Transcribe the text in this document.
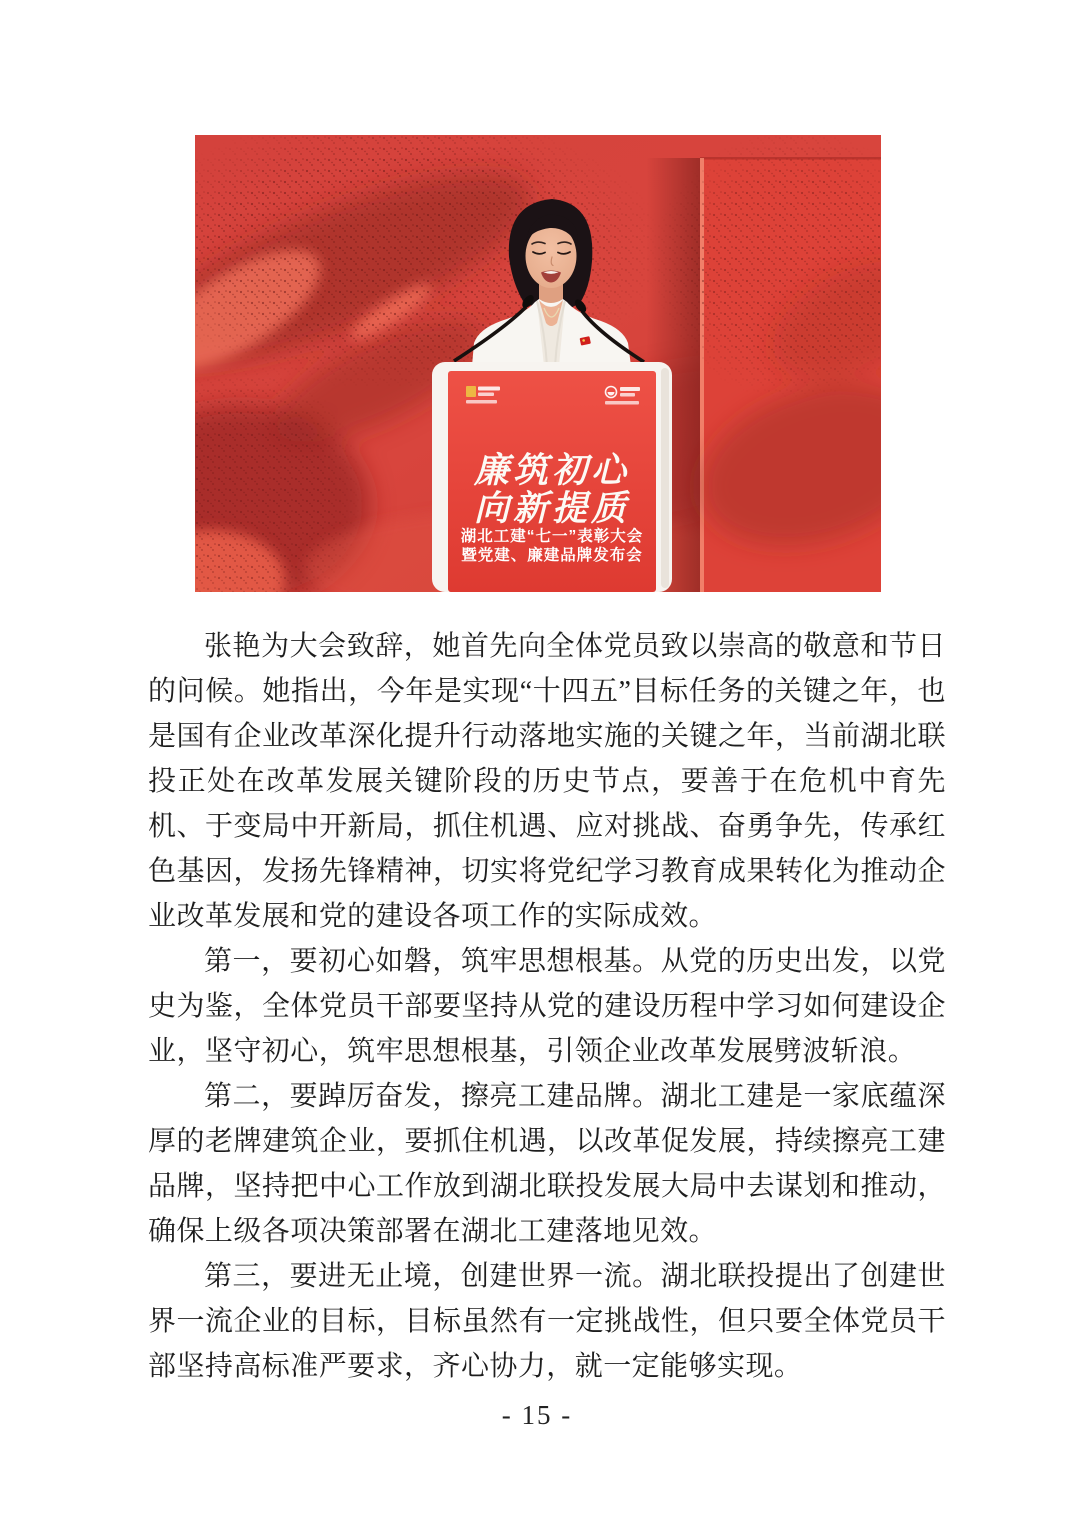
廉筑初心
向新提质
湖北工建“七一”表彰大会
暨党建、廉建品牌发布会

张艳为大会致辞，她首先向全体党员致以崇高的敬意和节日的问候。她指出，今年是实现“十四五”目标任务的关键之年，也是国有企业改革深化提升行动落地实施的关键之年，当前湖北联投正处在改革发展关键阶段的历史节点，要善于在危机中育先机、于变局中开新局，抓住机遇、应对挑战、奋勇争先，传承红色基因，发扬先锋精神，切实将党纪学习教育成果转化为推动企业改革发展和党的建设各项工作的实际成效。

第一，要初心如磐，筑牢思想根基。从党的历史出发，以党史为鉴，全体党员干部要坚持从党的建设历程中学习如何建设企业，坚守初心，筑牢思想根基，引领企业改革发展劈波斩浪。

第二，要踔厉奋发，擦亮工建品牌。湖北工建是一家底蕴深厚的老牌建筑企业，要抓住机遇，以改革促发展，持续擦亮工建品牌，坚持把中心工作放到湖北联投发展大局中去谋划和推动，确保上级各项决策部署在湖北工建落地见效。

第三，要进无止境，创建世界一流。湖北联投提出了创建世界一流企业的目标，目标虽然有一定挑战性，但只要全体党员干部坚持高标准严要求，齐心协力，就一定能够实现。

- 15 -
